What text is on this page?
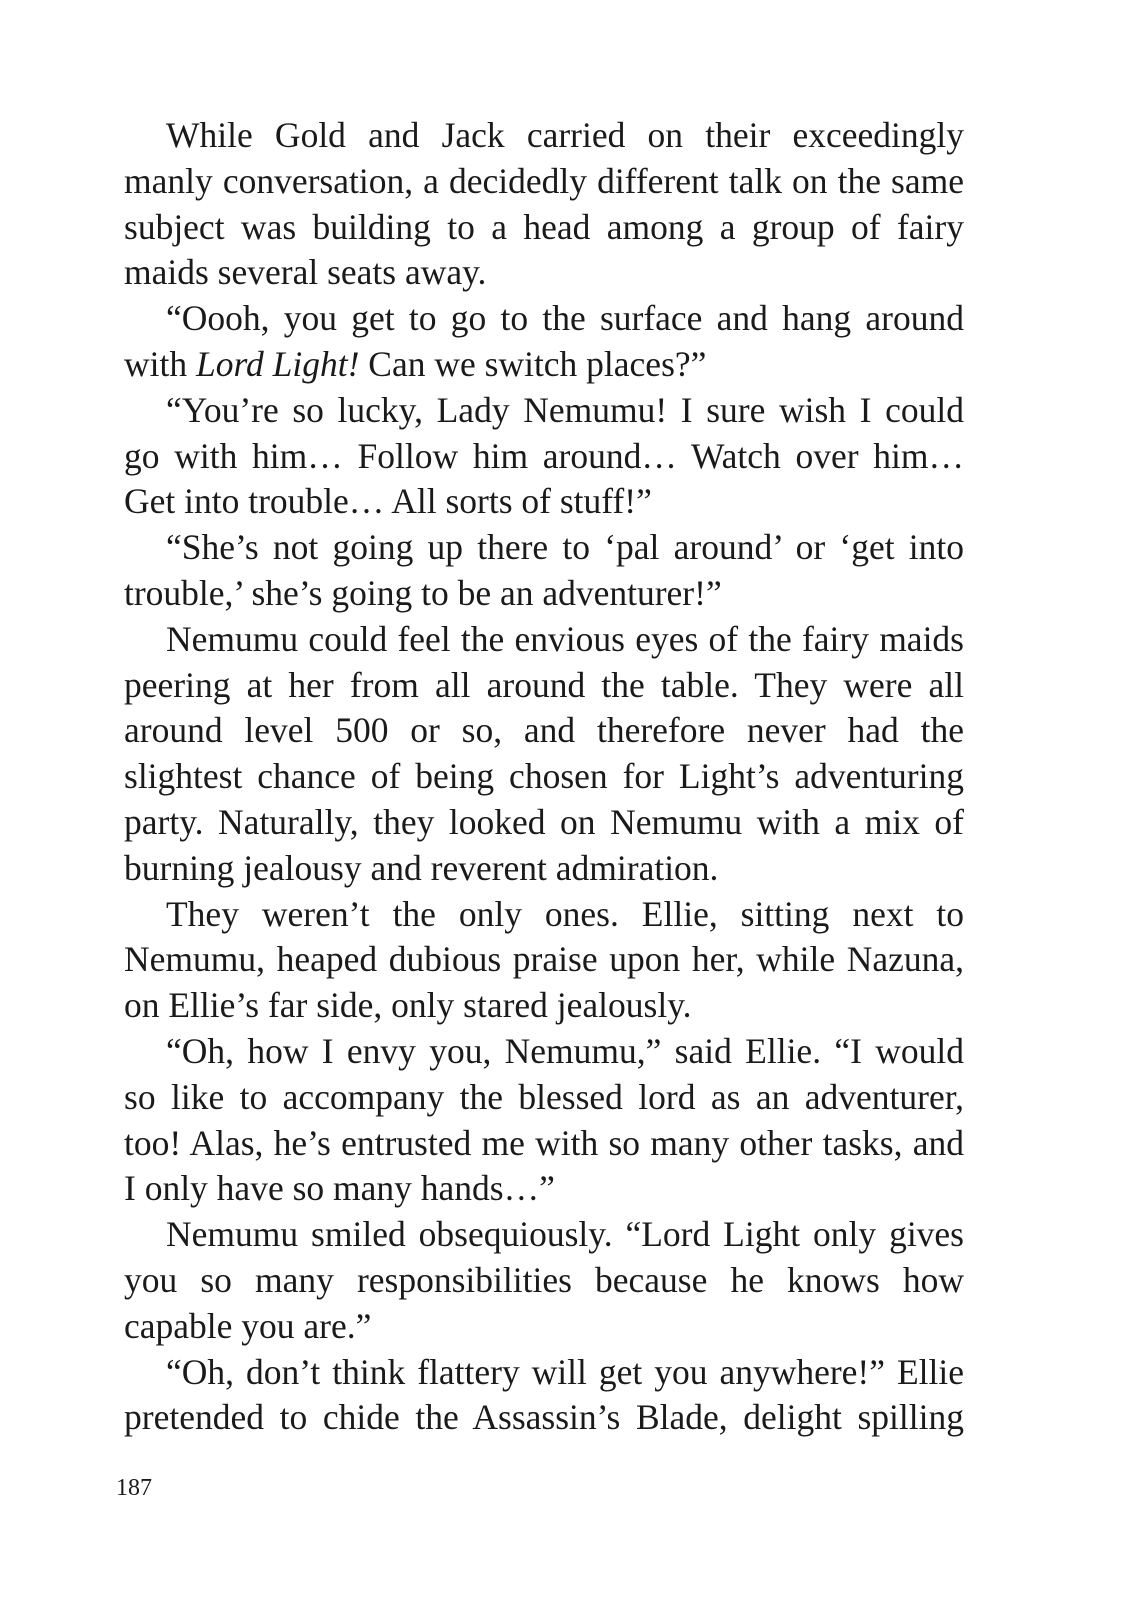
While Gold and Jack carried on their exceedingly manly conversation, a decidedly different talk on the same subject was building to a head among a group of fairy maids several seats away.

“Oooh, you get to go to the surface and hang around with Lord Light! Can we switch places?”

“You’re so lucky, Lady Nemumu! I sure wish I could go with him… Follow him around… Watch over him… Get into trouble… All sorts of stuff!”

“She’s not going up there to ‘pal around’ or ‘get into trouble,’ she’s going to be an adventurer!”

Nemumu could feel the envious eyes of the fairy maids peering at her from all around the table. They were all around level 500 or so, and therefore never had the slightest chance of being chosen for Light’s adventuring party. Naturally, they looked on Nemumu with a mix of burning jealousy and reverent admiration.

They weren’t the only ones. Ellie, sitting next to Nemumu, heaped dubious praise upon her, while Nazuna, on Ellie’s far side, only stared jealously.

“Oh, how I envy you, Nemumu,” said Ellie. “I would so like to accompany the blessed lord as an adventurer, too! Alas, he’s entrusted me with so many other tasks, and I only have so many hands…”

Nemumu smiled obsequiously. “Lord Light only gives you so many responsibilities because he knows how capable you are.”

“Oh, don’t think flattery will get you anywhere!” Ellie pretended to chide the Assassin’s Blade, delight spilling

187
